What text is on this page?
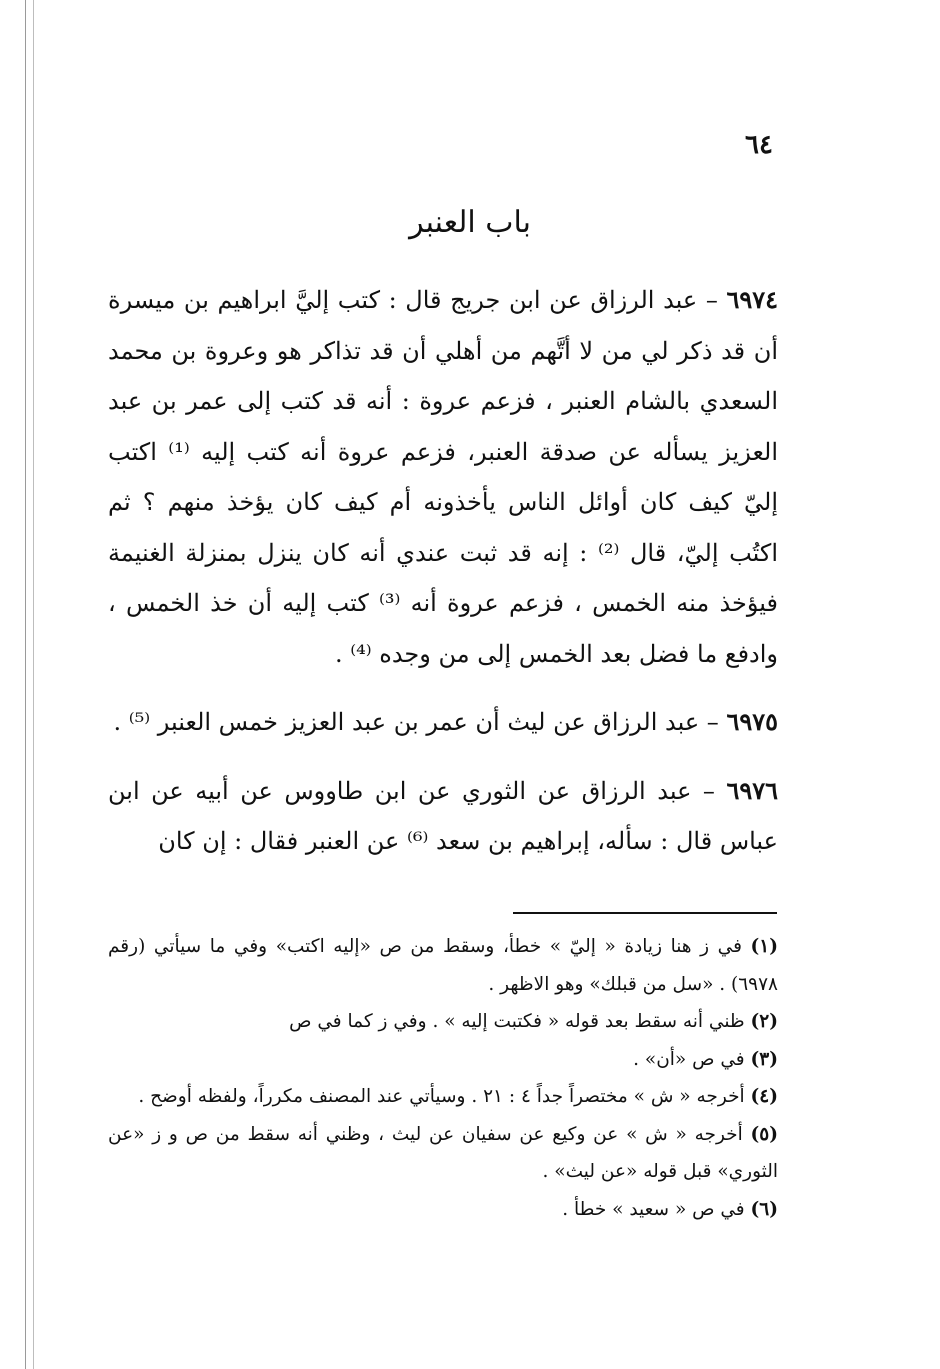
٦٤
باب العنبر

٦٩٧٤ – عبد الرزاق عن ابن جريج قال : كتب إليَّ ابراهيم بن ميسرة أن قد ذكر لي من لا أتَّهم من أهلي أن قد تذاكر هو وعروة بن محمد السعدي بالشام العنبر ، فزعم عروة : أنه قد كتب إلى عمر بن عبد العزيز يسأله عن صدقة العنبر، فزعم عروة أنه كتب إليه ⁽¹⁾ اكتب إليّ كيف كان أوائل الناس يأخذونه أم كيف كان يؤخذ منهم ؟ ثم اكتُب إليّ، قال ⁽²⁾ : إنه قد ثبت عندي أنه كان ينزل بمنزلة الغنيمة فيؤخذ منه الخمس ، فزعم عروة أنه ⁽³⁾ كتب إليه أن خذ الخمس ، وادفع ما فضل بعد الخمس إلى من وجده ⁽⁴⁾ .

٦٩٧٥ – عبد الرزاق عن ليث أن عمر بن عبد العزيز خمس العنبر ⁽⁵⁾ .

٦٩٧٦ – عبد الرزاق عن الثوري عن ابن طاووس عن أبيه عن ابن عباس قال : سأله، إبراهيم بن سعد ⁽⁶⁾ عن العنبر فقال : إن كان

(١) في ز هنا زيادة « إليّ » خطأ، وسقط من ص «إليه اكتب» وفي ما سيأتي (رقم ٦٩٧٨) . «سل من قبلك» وهو الاظهر .

(٢) ظني أنه سقط بعد قوله « فكتبت إليه » . وفي ز كما في ص

(٣) في ص «أن» .

(٤) أخرجه « ش » مختصراً جداً ٤ : ٢١ . وسيأتي عند المصنف مكرراً، ولفظه أوضح .

(٥) أخرجه « ش » عن وكيع عن سفيان عن ليث ، وظني أنه سقط من ص و ز «عن الثوري» قبل قوله «عن ليث» .

(٦) في ص « سعيد » خطأ .
